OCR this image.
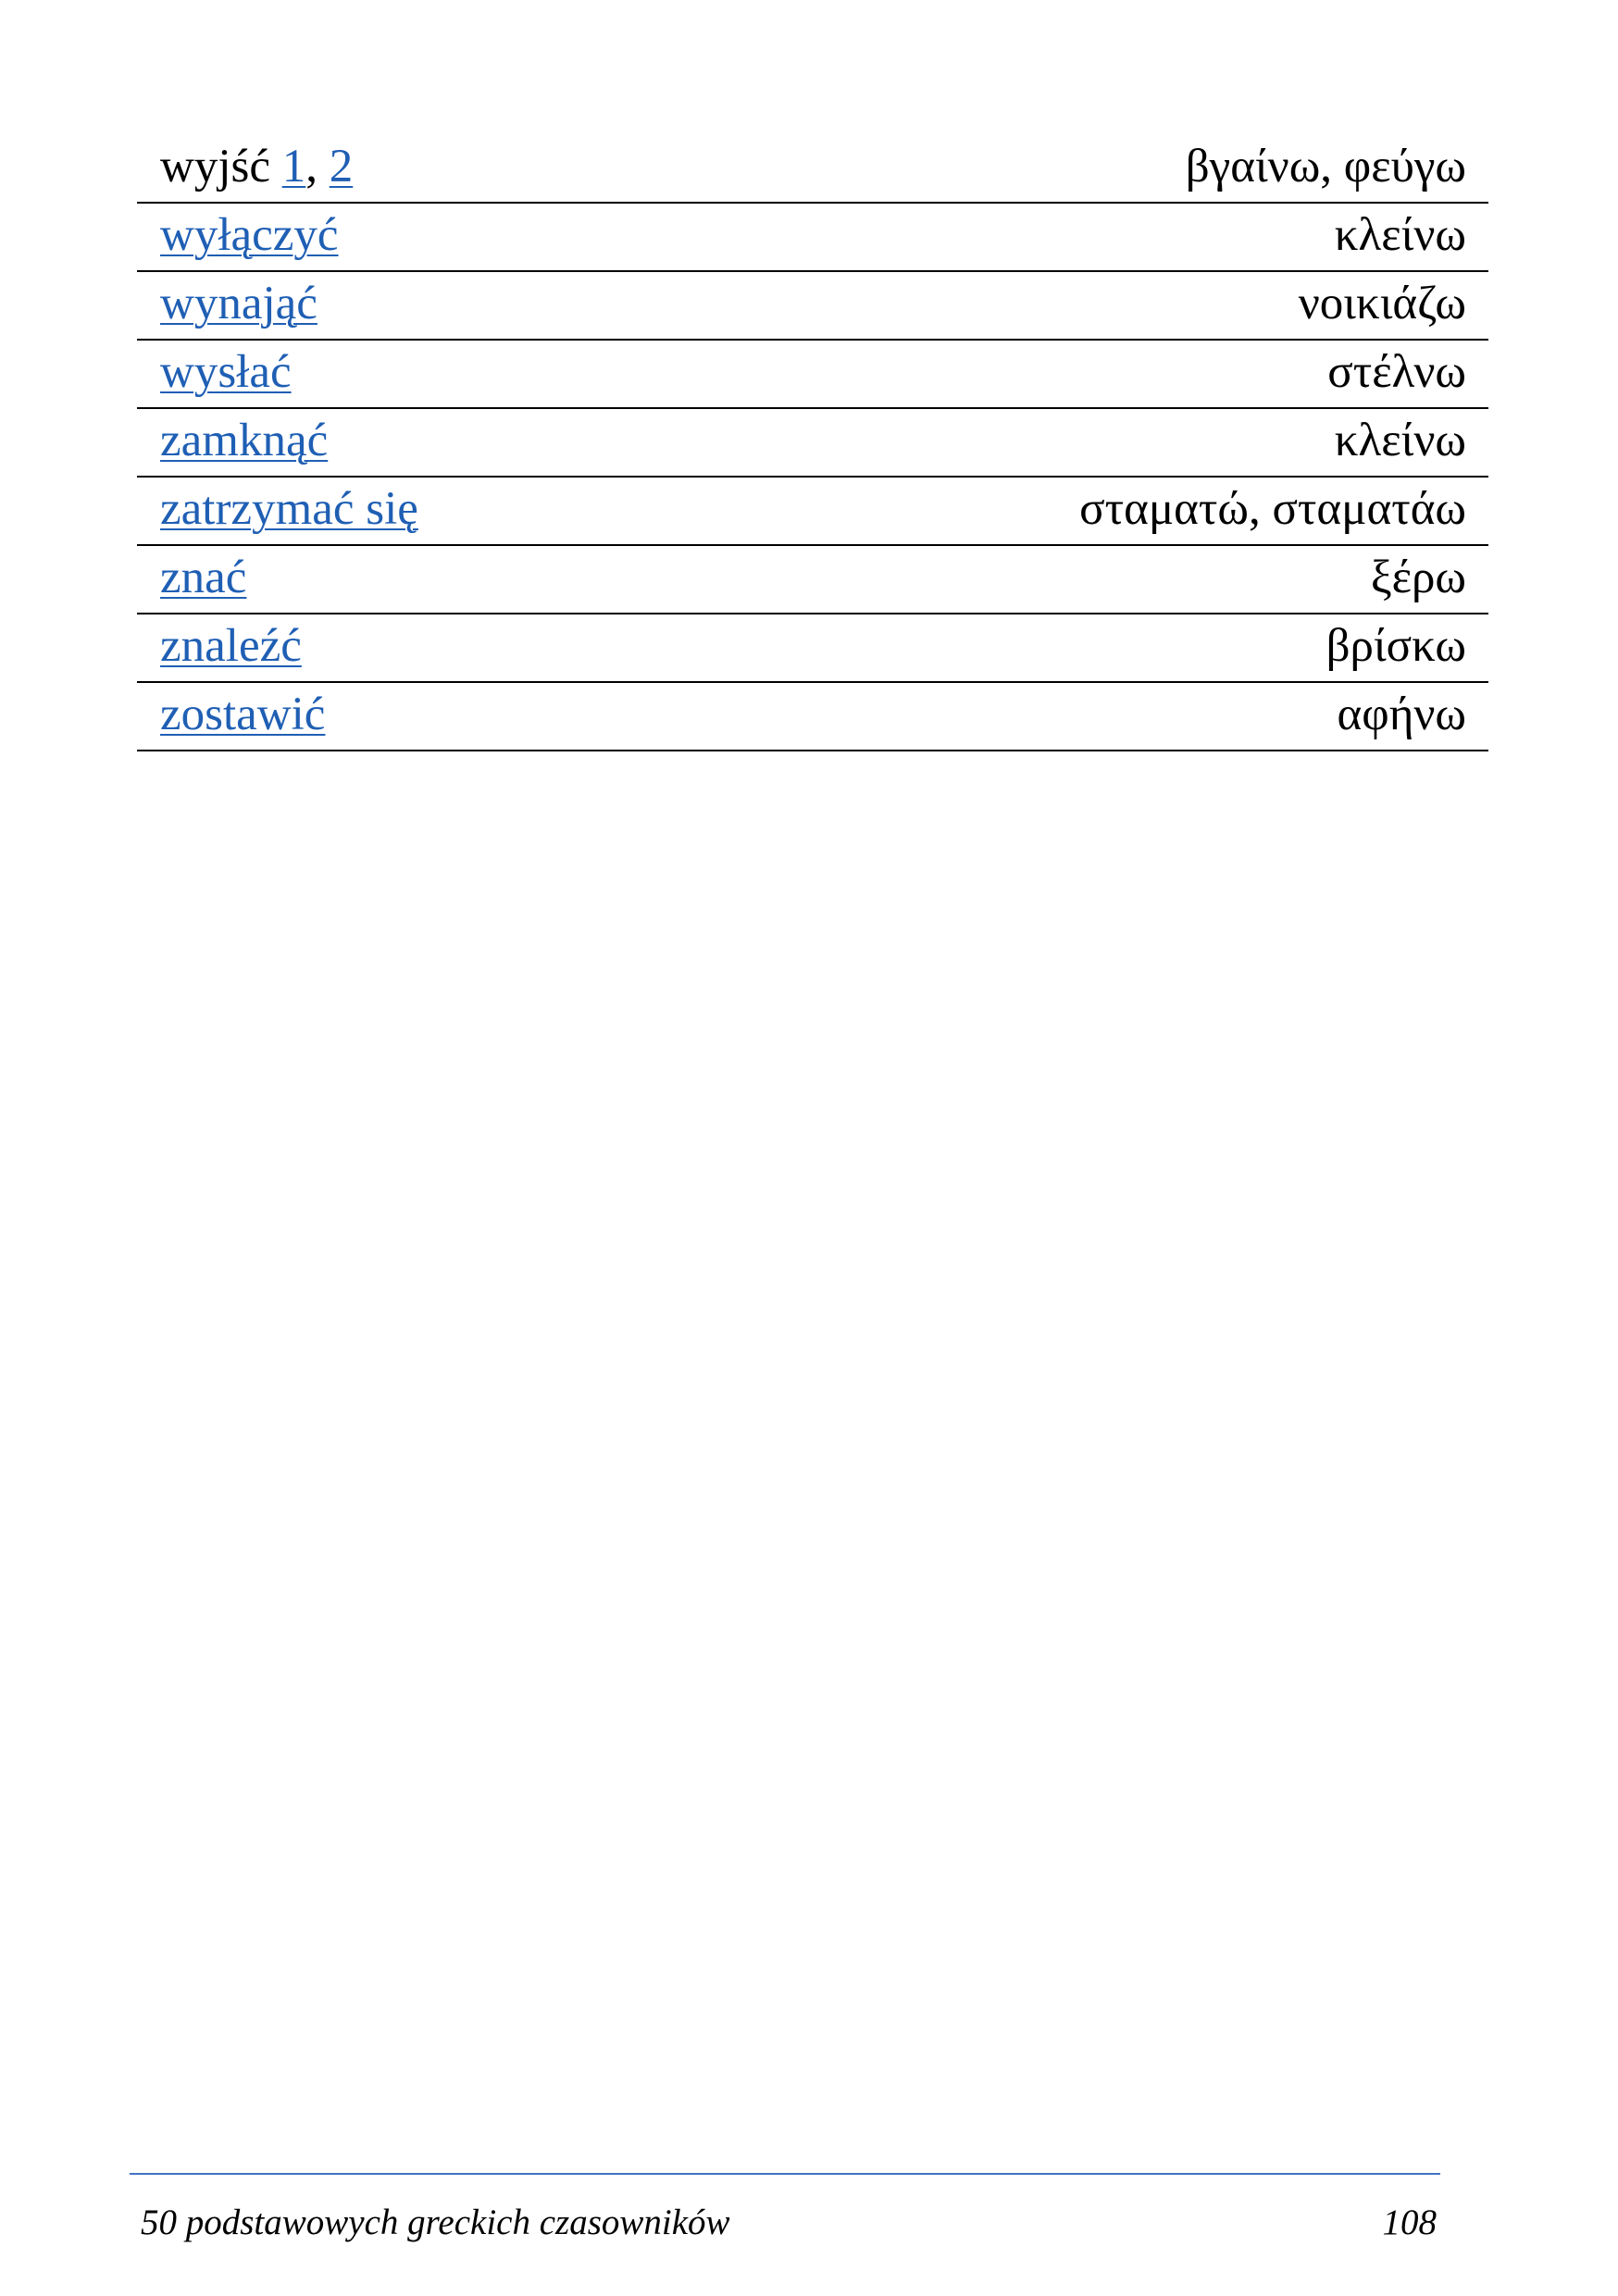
wyjść 1, 2	βγαίνω, φεύγω
wyłączyć	κλείνω
wynająć	νοικιάζω
wysłać	στέλνω
zamknąć	κλείνω
zatrzymać się	σταματώ, σταματάω
znać	ξέρω
znaleźć	βρίσκω
zostawić	αφήνω
50 podstawowych greckich czasowników	108
